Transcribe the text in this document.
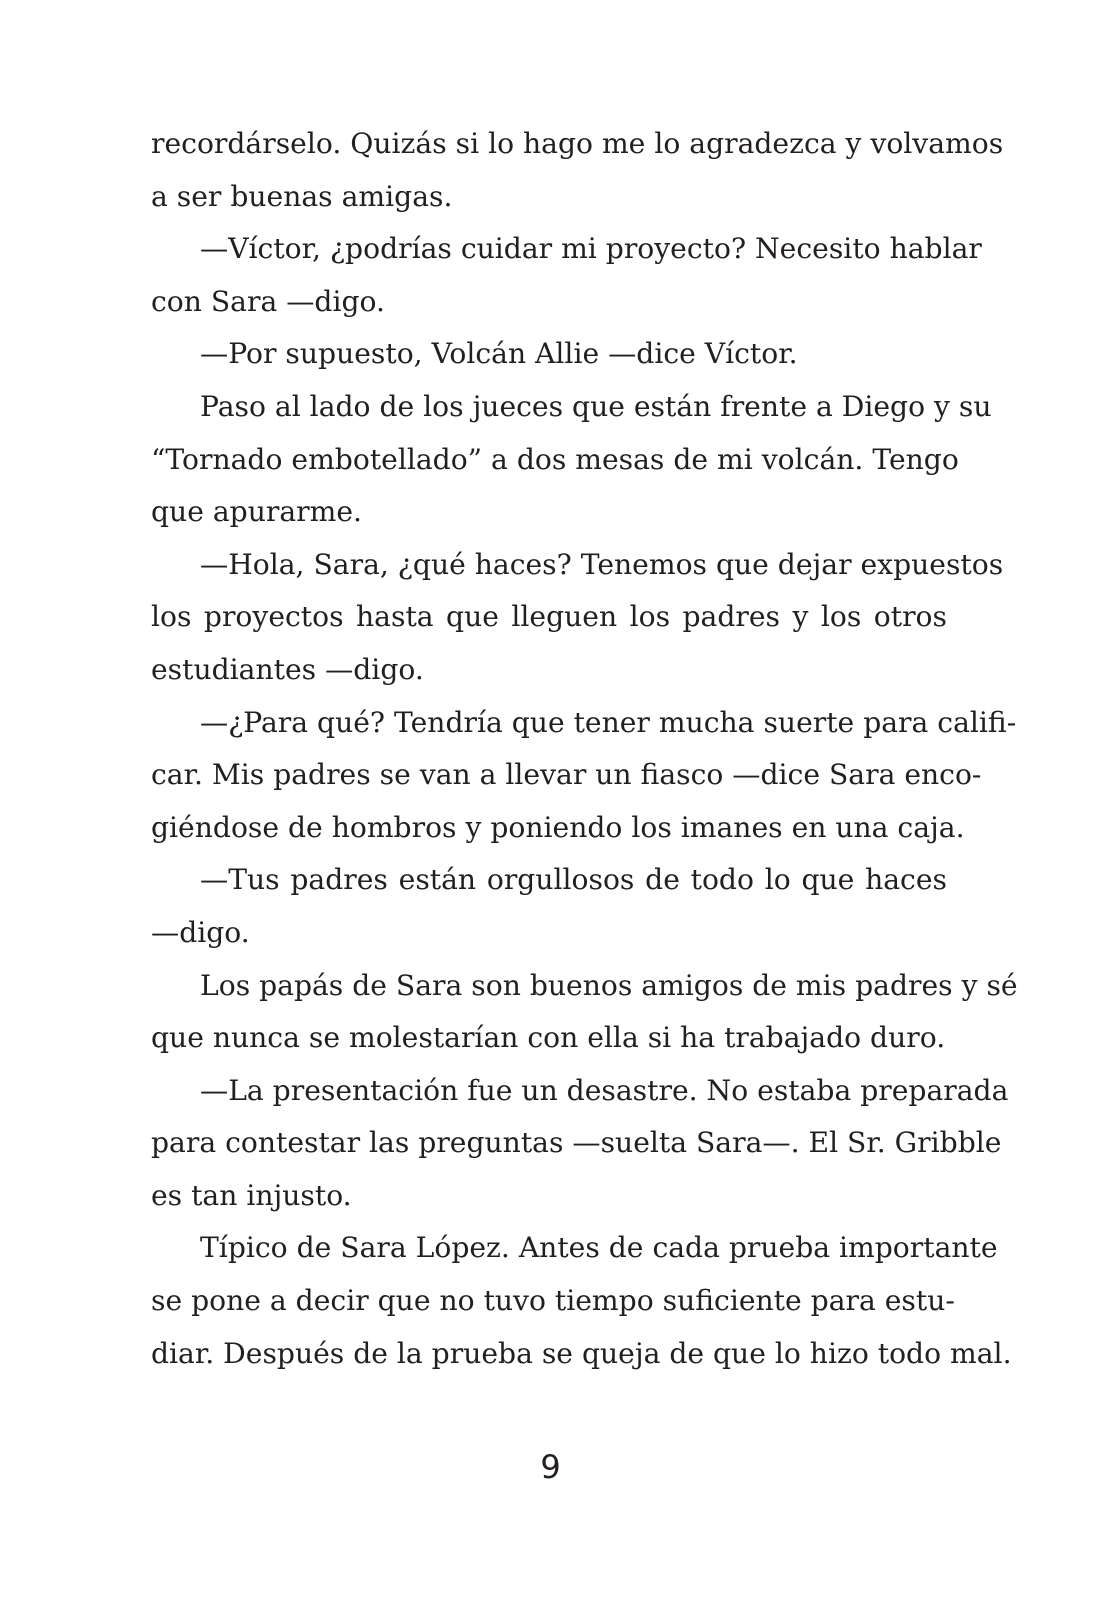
recordárselo. Quizás si lo hago me lo agradezca y volvamos
a ser buenas amigas.
—Víctor, ¿podrías cuidar mi proyecto? Necesito hablar
con Sara —digo.
—Por supuesto, Volcán Allie —dice Víctor.
Paso al lado de los jueces que están frente a Diego y su
“Tornado embotellado” a dos mesas de mi volcán. Tengo
que apurarme.
—Hola, Sara, ¿qué haces? Tenemos que dejar expuestos
los proyectos hasta que lleguen los padres y los otros
estudiantes —digo.
—¿Para qué? Tendría que tener mucha suerte para califi-
car. Mis padres se van a llevar un fiasco —dice Sara enco-
giéndose de hombros y poniendo los imanes en una caja.
—Tus padres están orgullosos de todo lo que haces
—digo.
Los papás de Sara son buenos amigos de mis padres y sé
que nunca se molestarían con ella si ha trabajado duro.
—La presentación fue un desastre. No estaba preparada
para contestar las preguntas —suelta Sara—. El Sr. Gribble
es tan injusto.
Típico de Sara López. Antes de cada prueba importante
se pone a decir que no tuvo tiempo suficiente para estu-
diar. Después de la prueba se queja de que lo hizo todo mal.
9
